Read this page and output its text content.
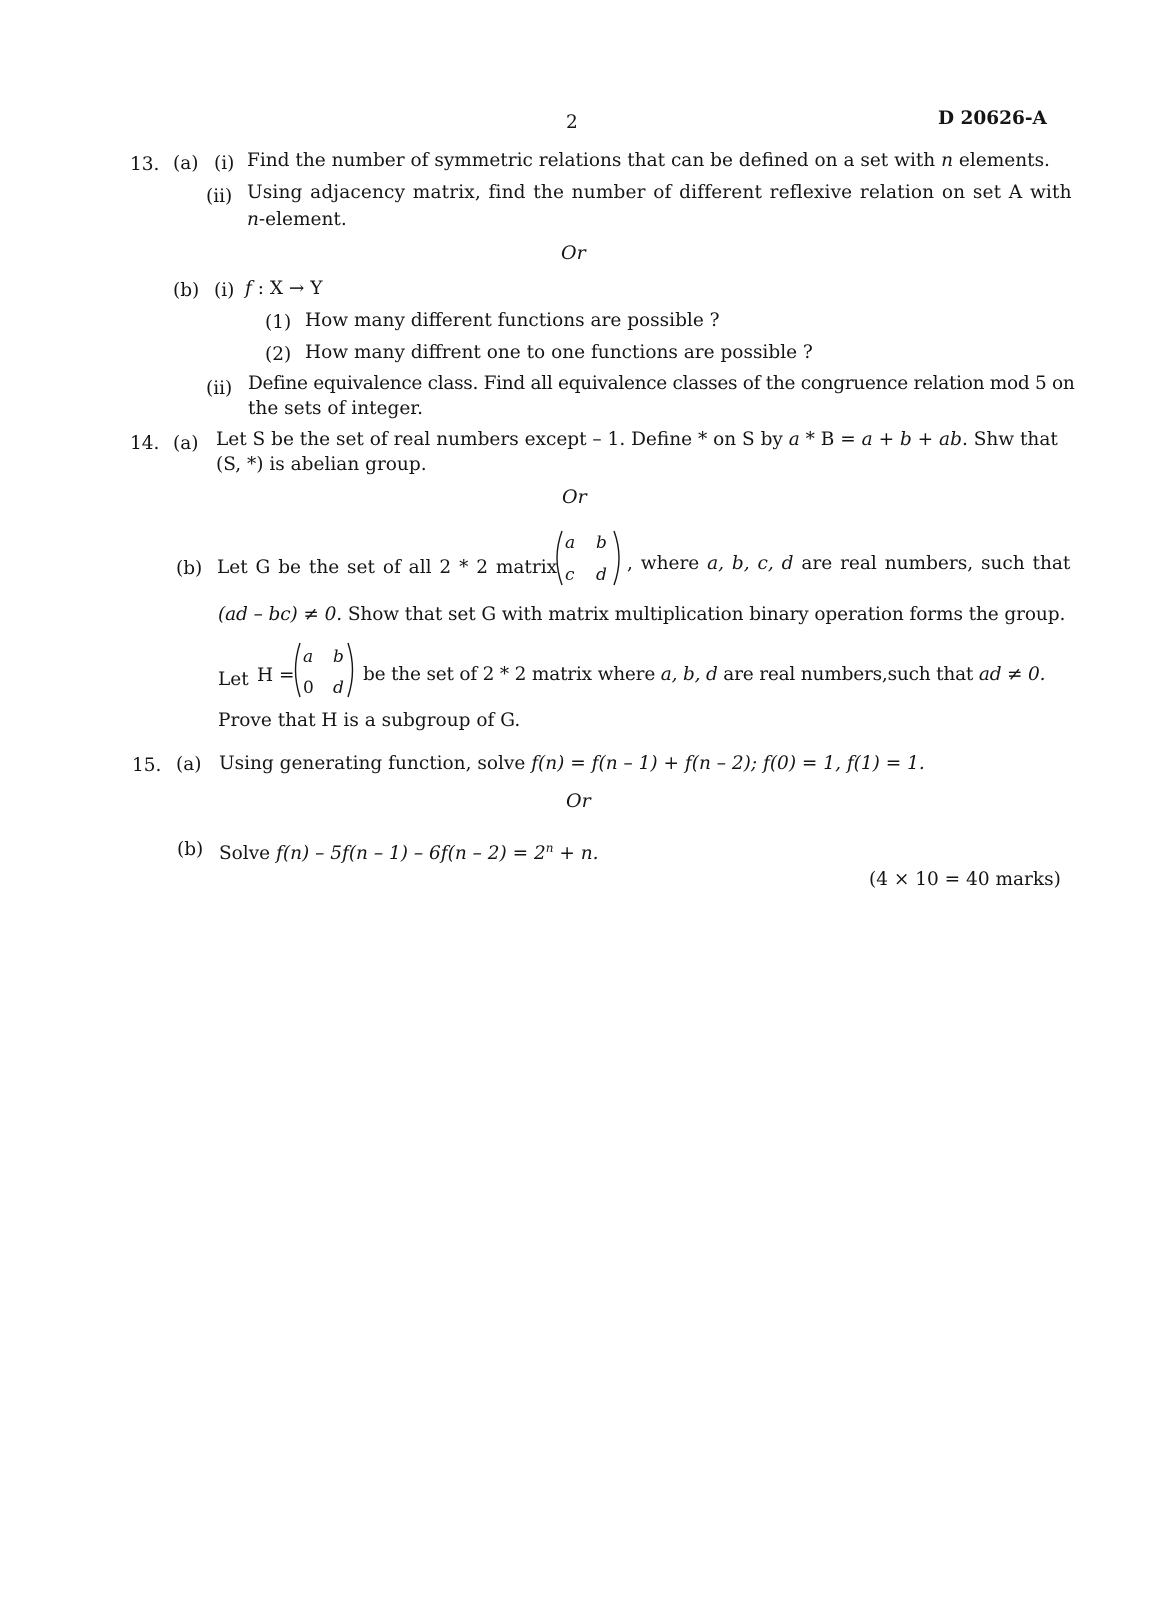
2	D 20626-A
13. (a) (i) Find the number of symmetric relations that can be defined on a set with n elements.
(ii) Using adjacency matrix, find the number of different reflexive relation on set A with
n-element.
Or
(b) (i) f : X → Y
(1) How many different functions are possible ?
(2) How many diffrent one to one functions are possible ?
(ii) Define equivalence class. Find all equivalence classes of the congruence relation mod 5 on
the sets of integer.
14. (a) Let S be the set of real numbers except – 1. Define * on S by a * B = a + b + ab. Shw that
(S, *) is abelian group.
Or
(b) Let G be the set of all 2 * 2 matrix
a b
c d
, where a, b, c, d are real numbers, such that
(ad – bc) ≠ 0. Show that set G with matrix multiplication binary operation forms the group.
Let H =
a b
0 d
be the set of 2 * 2 matrix where a, b, d are real numbers,such that ad ≠ 0.
Prove that H is a subgroup of G.
15. (a) Using generating function, solve f(n) = f(n – 1) + f(n – 2); f(0) = 1, f(1) = 1.
Or
(b) Solve $f(n) - 5f(n - 1) - 6f(n - 2) = 2^n + n$.
(4 × 10 = 40 marks)
